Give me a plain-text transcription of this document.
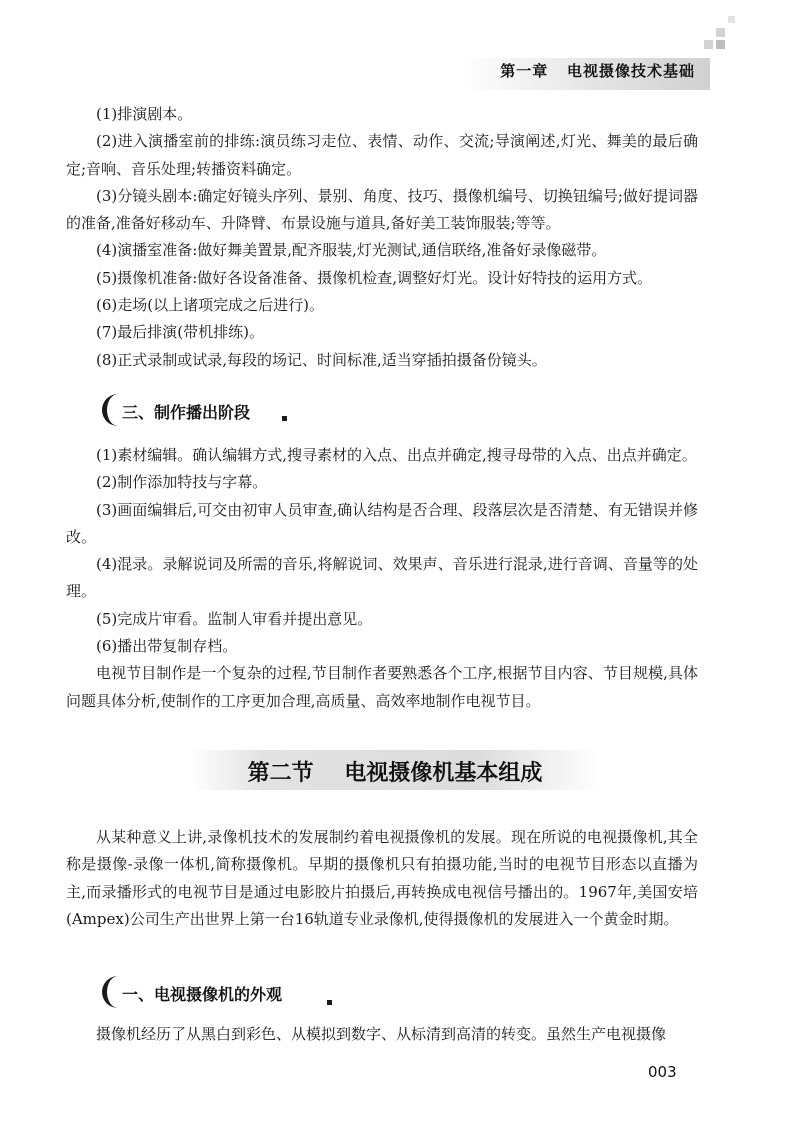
第一章 电视摄像技术基础

(1)排演剧本。

(2)进入演播室前的排练:演员练习走位、表情、动作、交流;导演阐述,灯光、舞美的最后确定;音响、音乐处理;转播资料确定。

(3)分镜头剧本:确定好镜头序列、景别、角度、技巧、摄像机编号、切换钮编号;做好提词器的准备,准备好移动车、升降臂、布景设施与道具,备好美工装饰服装;等等。

(4)演播室准备:做好舞美置景,配齐服装,灯光测试,通信联络,准备好录像磁带。

(5)摄像机准备:做好各设备准备、摄像机检查,调整好灯光。设计好特技的运用方式。

(6)走场(以上诸项完成之后进行)。

(7)最后排演(带机排练)。

(8)正式录制或试录,每段的场记、时间标准,适当穿插拍摄备份镜头。

三、制作播出阶段

(1)素材编辑。确认编辑方式,搜寻素材的入点、出点并确定,搜寻母带的入点、出点并确定。

(2)制作添加特技与字幕。

(3)画面编辑后,可交由初审人员审查,确认结构是否合理、段落层次是否清楚、有无错误并修改。

(4)混录。录解说词及所需的音乐,将解说词、效果声、音乐进行混录,进行音调、音量等的处理。

(5)完成片审看。监制人审看并提出意见。

(6)播出带复制存档。

电视节目制作是一个复杂的过程,节目制作者要熟悉各个工序,根据节目内容、节目规模,具体问题具体分析,使制作的工序更加合理,高质量、高效率地制作电视节目。

第二节 电视摄像机基本组成

从某种意义上讲,录像机技术的发展制约着电视摄像机的发展。现在所说的电视摄像机,其全称是摄像-录像一体机,简称摄像机。早期的摄像机只有拍摄功能,当时的电视节目形态以直播为主,而录播形式的电视节目是通过电影胶片拍摄后,再转换成电视信号播出的。1967年,美国安培(Ampex)公司生产出世界上第一台16轨道专业录像机,使得摄像机的发展进入一个黄金时期。

一、电视摄像机的外观

摄像机经历了从黑白到彩色、从模拟到数字、从标清到高清的转变。虽然生产电视摄像

003
